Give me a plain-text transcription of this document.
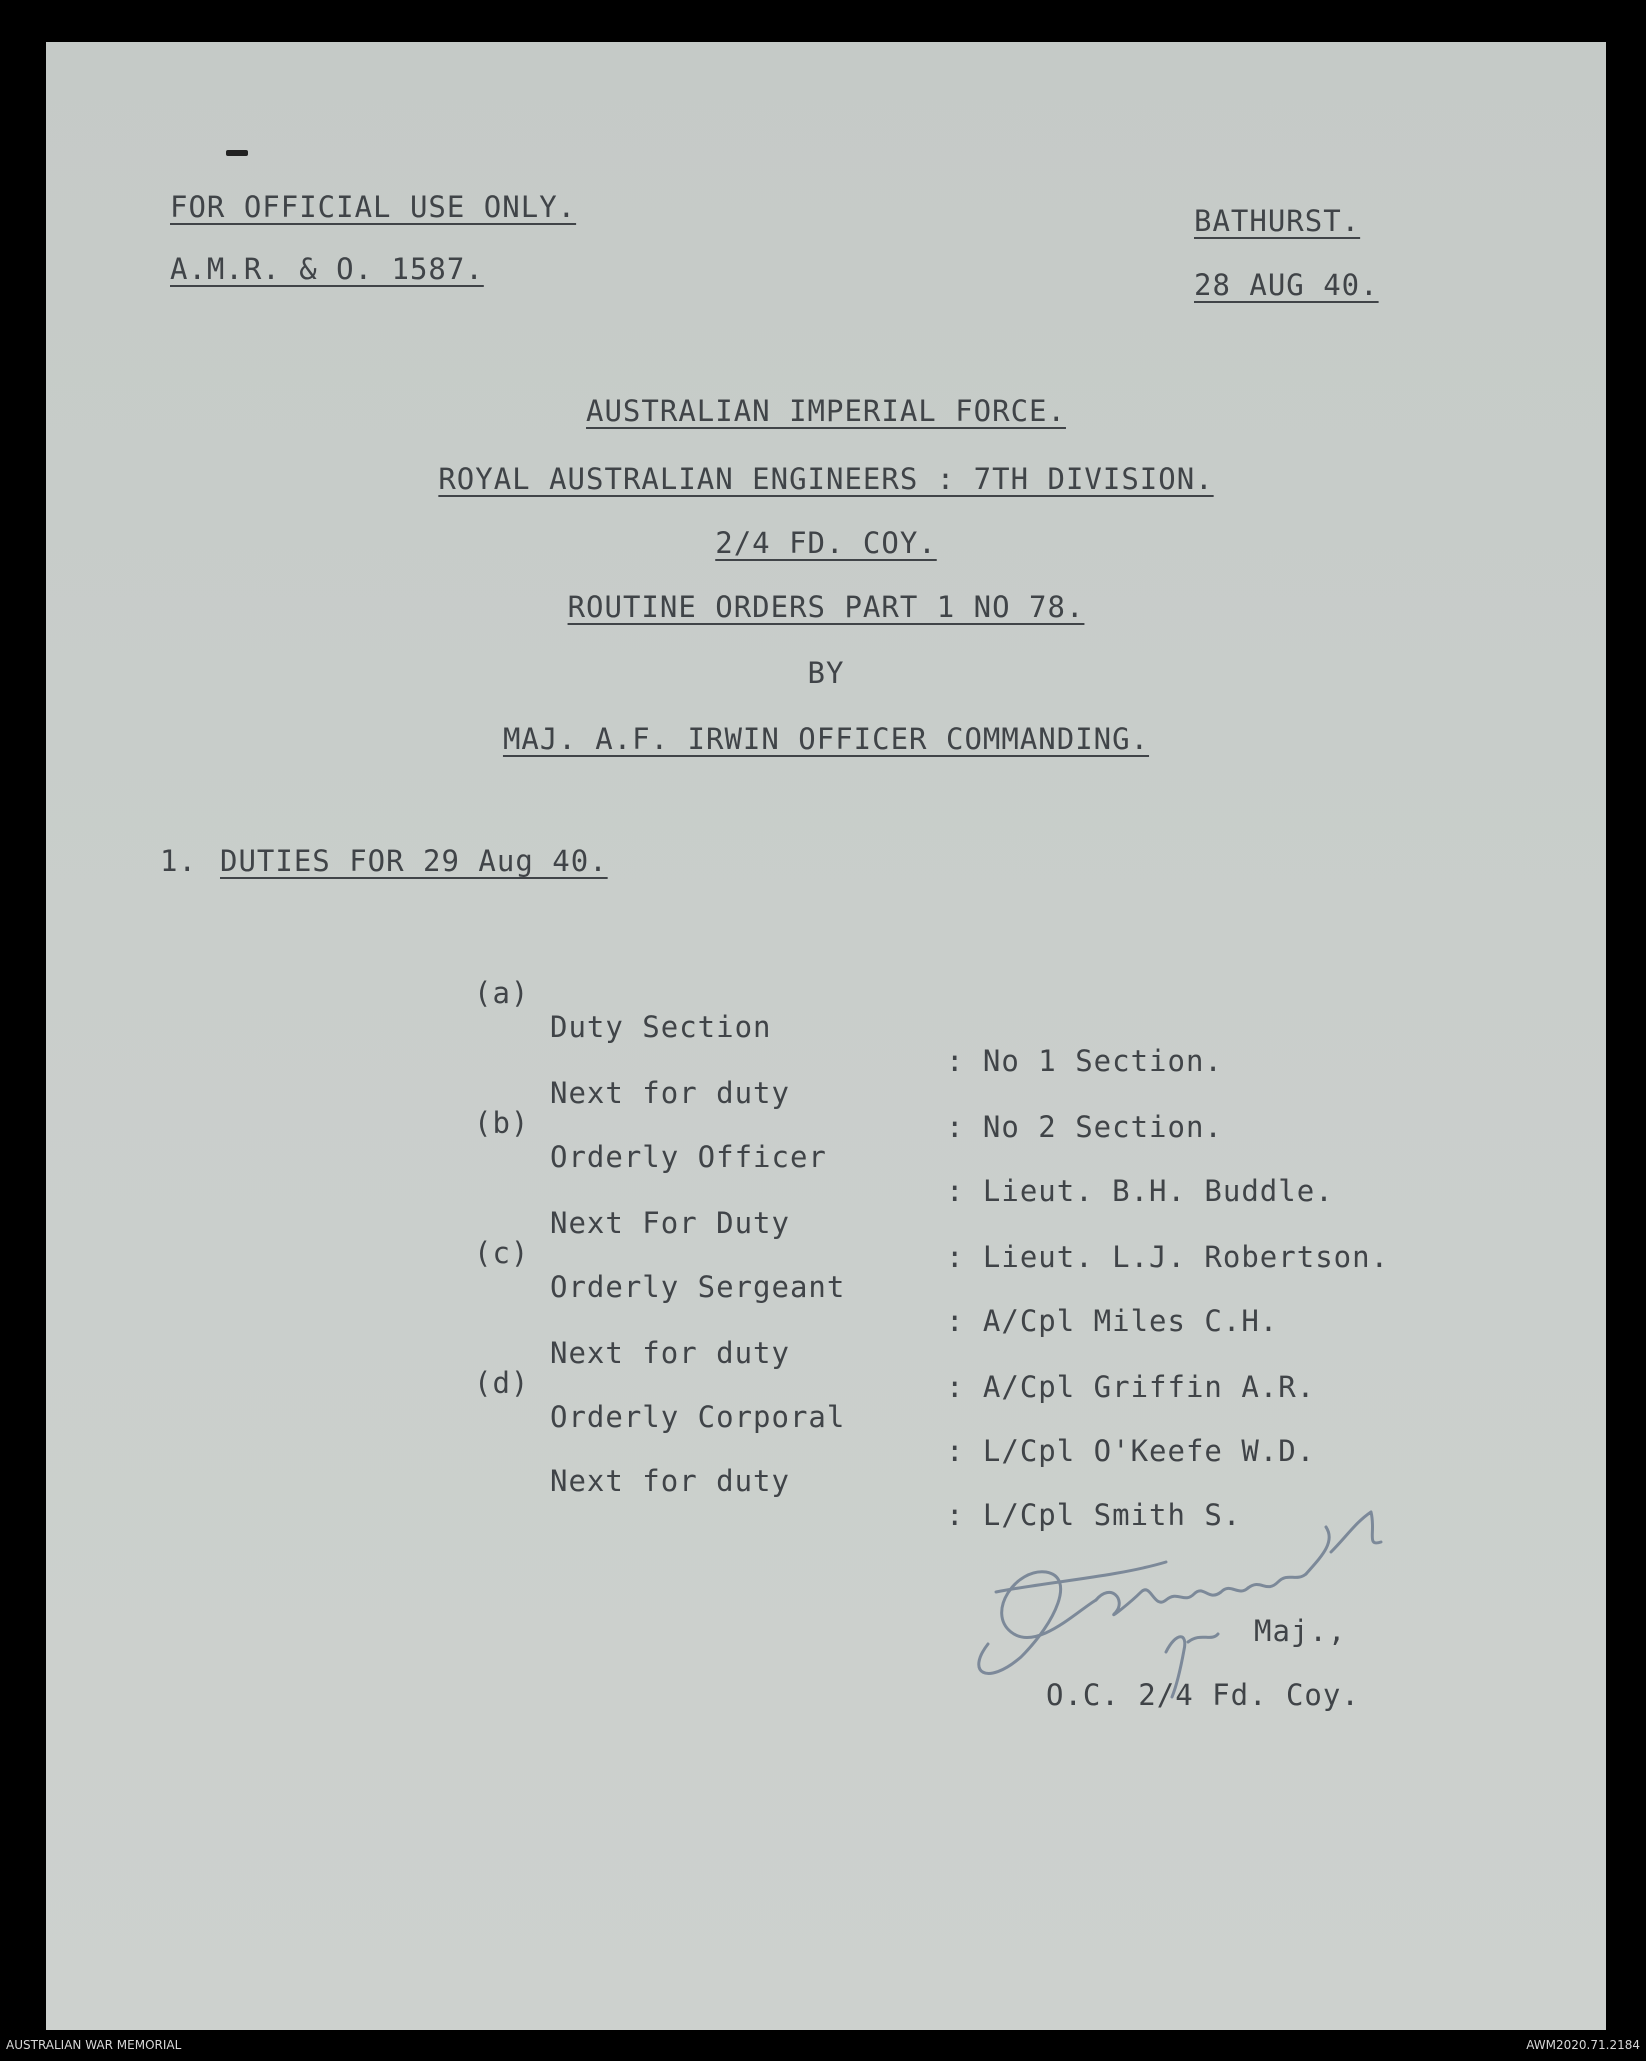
FOR OFFICIAL USE ONLY.
A.M.R. & O. 1587.
BATHURST.
28 AUG 40.
AUSTRALIAN IMPERIAL FORCE.
ROYAL AUSTRALIAN ENGINEERS : 7TH DIVISION.
2/4 FD. COY.
ROUTINE ORDERS PART 1 NO 78.
BY
MAJ. A.F. IRWIN OFFICER COMMANDING.
1. DUTIES FOR 29 Aug 40.

(a)

Duty Section

: No 1 Section.

Next for duty

: No 2 Section.

(b)

Orderly Officer

: Lieut. B.H. Buddle.

Next For Duty

: Lieut. L.J. Robertson.

(c)

Orderly Sergeant

: A/Cpl Miles C.H.

Next for duty

: A/Cpl Griffin A.R.

(d)

Orderly Corporal

: L/Cpl O'Keefe W.D.

Next for duty

: L/Cpl Smith S.

Maj.,
O.C. 2/4 Fd. Coy.
AUSTRALIAN WAR MEMORIAL	AWM2020.71.2184
